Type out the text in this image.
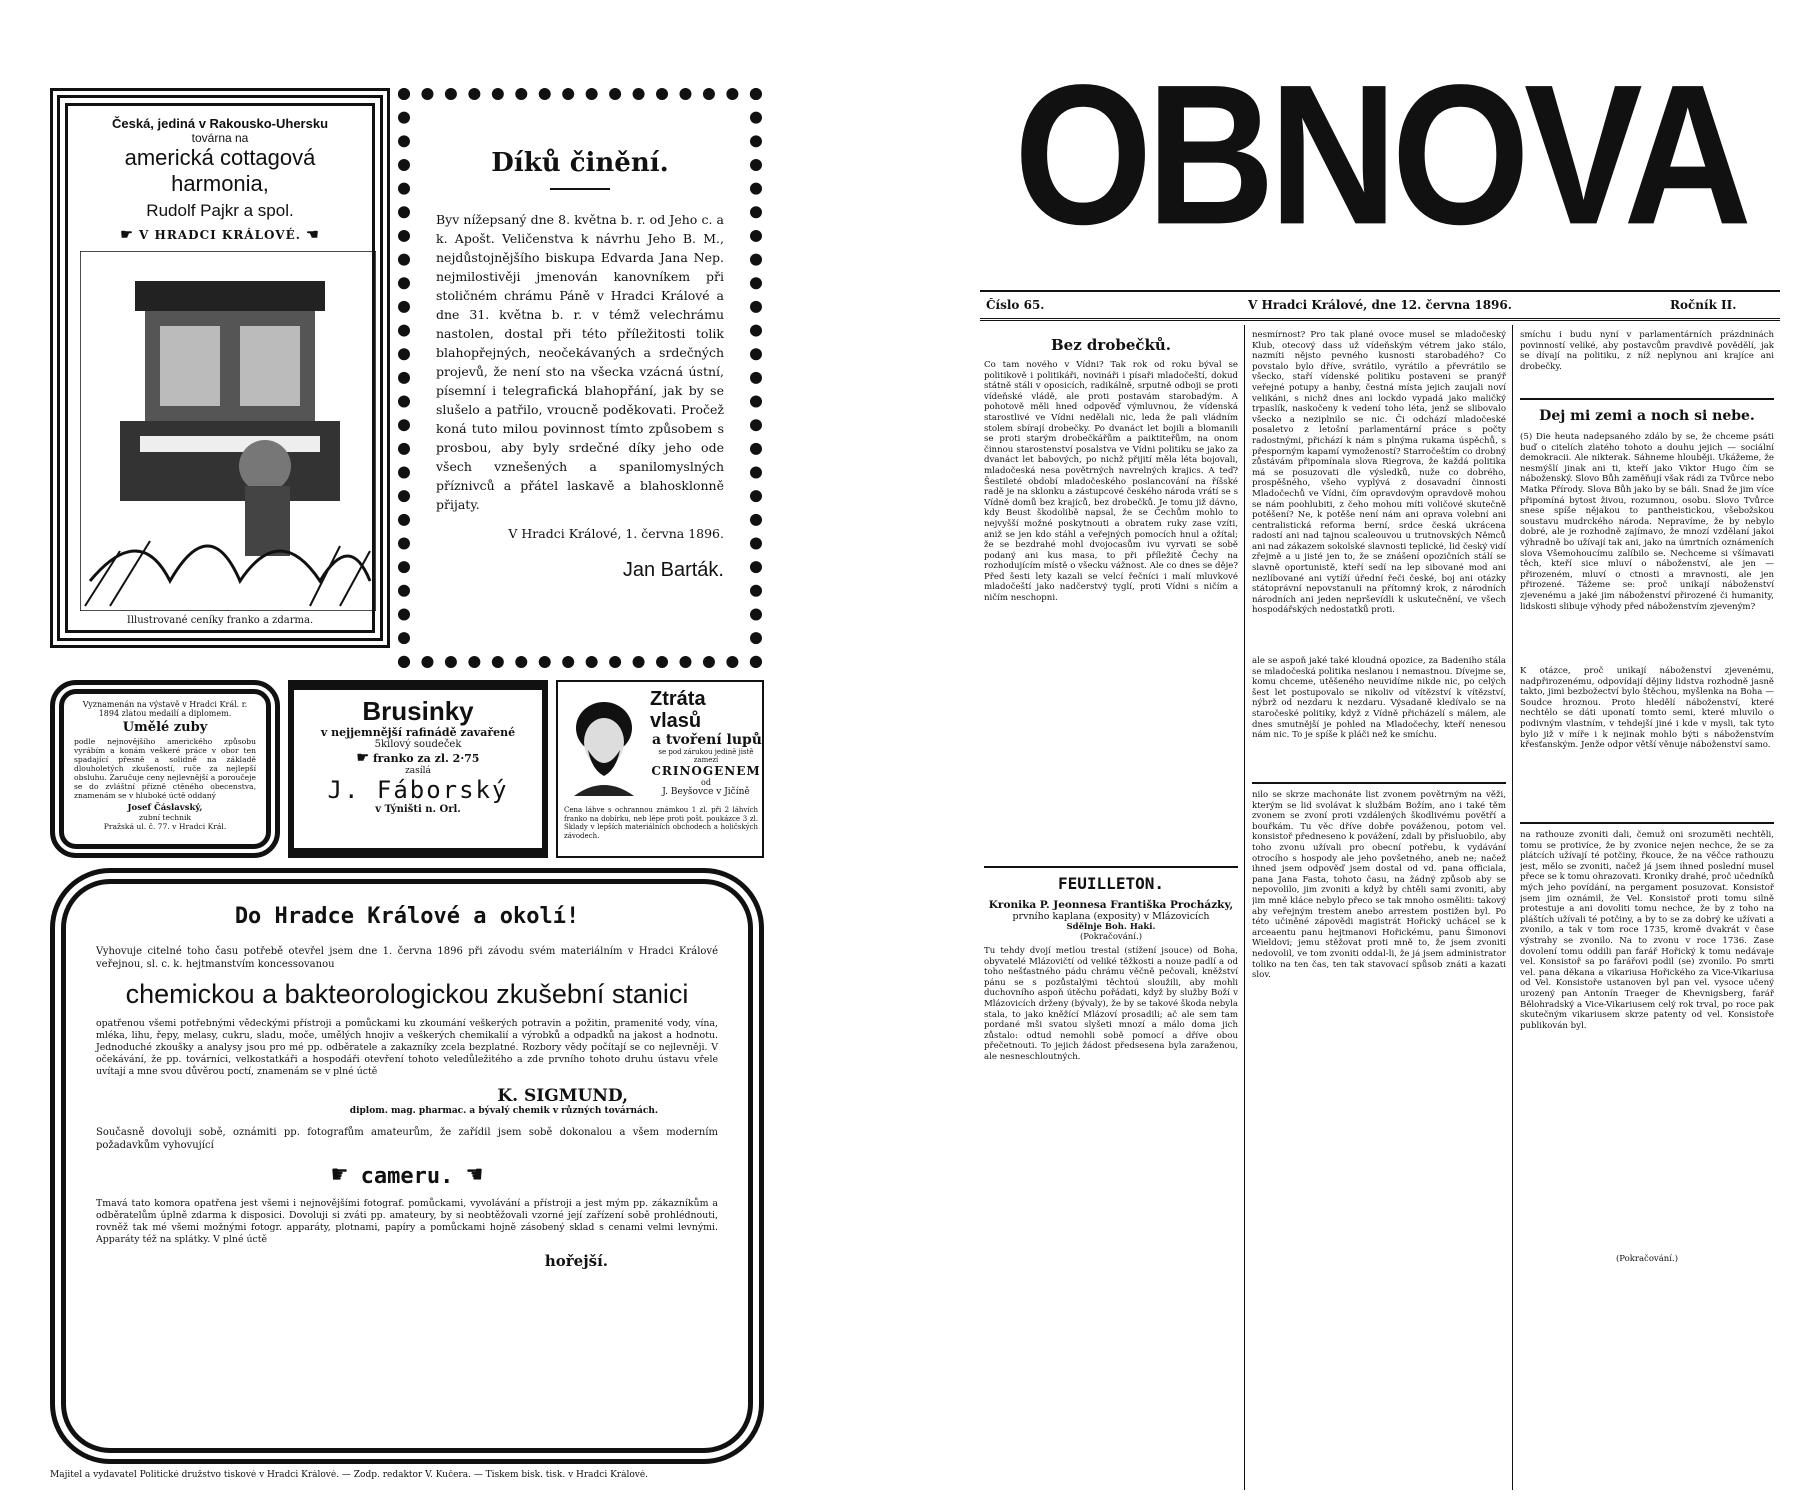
Česká, jediná v Rakousko-Uhersku
továrna na
americká cottagová harmonia,
Rudolf Pajkr a spol.
☛ V HRADCI KRÁLOVÉ. ☚
Illustrované ceníky franko a zdarma.
Díků činění.
Byv nížepsaný dne 8. května b. r. od Jeho c. a k. Apošt. Veličenstva k návrhu Jeho B. M., nejdůstojnějšího biskupa Edvarda Jana Nep. nejmilostivěji jmenován kanovníkem při stoličném chrámu Páně v Hradci Králové a dne 31. května b. r. v témž velechrámu nastolen, dostal při této příležitosti tolik blahopřejných, neočekávaných a srdečných projevů, že není sto na všecka vzácná ústní, písemní i telegrafická blahopřání, jak by se slušelo a patřilo, vroucně poděkovati. Pročež koná tuto milou povinnost tímto způsobem s prosbou, aby byly srdečné díky jeho ode všech vznešených a spanilomyslných příznivců a přátel laskavě a blahosklonně přijaty.
V Hradci Králové, 1. června 1896.
Jan Barták.
Vyznamenán na výstavě v Hradci Král. r. 1894 zlatou medailí a diplomem.
Umělé zuby
podle nejnovějšího amerického způsobu vyrábím a konám veškeré práce v obor ten spadající přesně a solidně na základě dlouholetých zkušeností, ruče za nejlepší obsluhu. Zaručuje ceny nejlevnější a poroučeje se do zvláštní přízně ctěného obecenstva, znamenám se v hluboké úctě oddaný
Josef Čáslavský,
zubní technik
Pražská ul. č. 77. v Hradci Král.
Brusinky
v nejjemnější rafinádě zavařené
5kilový soudeček
☛ franko za zl. 2·75
zasílá
J. Fáborský
v Týništi n. Orl.
Ztráta vlasů
a tvoření lupů
se pod zárukou jedině jistě zamezí
CRINOGENEM
od
J. Beyšovce v Jičíně
Cena láhve s ochrannou známkou 1 zl. při 2 láhvích franko na dobírku, neb lépe proti pošt. poukázce 3 zl. Sklady v lepších materiálních obchodech a holičských závodech.
Do Hradce Králové a okolí!
Vyhovuje citelné toho času potřebě otevřel jsem dne 1. června 1896 při závodu svém materiálním v Hradci Králové veřejnou, sl. c. k. hejtmanstvím koncessovanou
chemickou a bakteorologickou zkušební stanici
opatřenou všemi potřebnými vědeckými přístroji a pomůckami ku zkoumání veškerých potravin a požitin, pramenité vody, vína, mléka, lihu, řepy, melasy, cukru, sladu, moče, umělých hnojiv a veškerých chemikalií a výrobků a odpadků na jakost a hodnotu. Jednoduché zkoušky a analysy jsou pro mé pp. odběratele a zakazníky zcela bezplatné. Rozbory vědy počítají se co nejlevněji. V očekávání, že pp. továrníci, velkostatkáři a hospodáři otevření tohoto veledůležitého a zde prvního tohoto druhu ústavu vřele uvítají a mne svou důvěrou poctí, znamenám se v plné úctě
K. SIGMUND,
diplom. mag. pharmac. a bývalý chemik v různých továrnách.
Současně dovoluji sobě, oznámiti pp. fotografům amateurům, že zařídil jsem sobě dokonalou a všem moderním požadavkům vyhovující
☛ cameru. ☚
Tmavá tato komora opatřena jest všemi i nejnovějšími fotograf. pomůckami, vyvolávání a přístroji a jest mým pp. zákazníkům a odběratelům úplně zdarma k disposici. Dovoluji si zváti pp. amateury, by si neobtěžovali vzorné její zařízení sobě prohlédnouti, rovněž tak mé všemi možnými fotogr. apparáty, plotnami, papíry a pomůckami hojně zásobený sklad s cenami velmi levnými. Apparáty též na splátky. V plné úctě
hořejší.
Majitel a vydavatel Politické družstvo tiskové v Hradci Králové. — Zodp. redaktor V. Kučera. — Tiskem bisk. tisk. v Hradci Králové.
OBNOVA
Číslo 65.	V Hradci Králové, dne 12. června 1896.	Ročník II.
Bez drobečků.
Co tam nového v Vídni? Tak rok od roku býval se politikově i politikáři, novináři i písaři mladočeští, dokud státně stáli v oposicích, radikálně, srputně odboji se proti vídeňské vládě, ale proti postavám starobadým. A pohotově měli hned odpověď výmluvnou, že vídenská starostlivé ve Vídni nedělali nic, leda že pali vládním stolem sbírají drobečky. Po dvanáct let bojili a blomanili se proti starým drobečkářům a paiktiteřům, na onom činnou starostenství posalstva ve Vídni politiku se jako za dvanáct let babových, po nichž přijití měla léta bojovali, mladočeská nesa povětrných navrelných krajics. A teď? Šestileté období mladočeského poslancování na říšské radě je na sklonku a zástupcové českého národa vrátí se s Vídně domů bez krajíců, bez drobečků. Je tomu již dávno, kdy Beust škodolibě napsal, že se Čechům mohlo to nejvyšší možné poskytnouti a obratem ruky zase vzíti, aniž se jen kdo stáhl a veřejných pomocích hnul a ožítal; že se bezdrahé mohl dvojocasům ivu vyrvati se sobě podaný ani kus masa, to při příležitě Čechy na rozhodujícím místě o všecku vážnost. Ale co dnes se děje? Před šesti lety kazali se velcí řečníci i malí mluvkové mladočeští jako nadčerstvý tyglí, proti Vídni s ničím a ničím neschopni.
FEUILLETON.
Kronika P. Jeonnesa Františka Procházky,
prvního kaplana (exposity) v Mlázovicích
Sdělnje Boh. Haki.
(Pokračování.)
Tu tehdy dvojí metlou trestal (stížení jsouce) od Boha, obyvatelé Mlázovičtí od veliké těžkosti a nouze padlí a od toho nešťastného pádu chrámu věčně pečovali, kněžství pánu se s pozůstalými těchtoú sloužili, aby mohli duchovního aspoň útěchu pořádati, když by služby Boží v Mlázovicích drženy (bývaly), že by se takové škoda nebyla stala, to jako kněžící Mlázoví prosadili; ač ale sem tam pordané mši svatou slyšeti mnozí a málo doma jich zůstalo: odtud nemohli sobě pomocí a dříve obou přečetnouti. To jejich žádost předsesena byla zaraženou, ale nesneschloutných.
nesmírnost? Pro tak plané ovoce musel se mladočeský Klub, otecový dass už vídeňským vétrem jako stálo, nazmíti nějsto pevného kusnosti starobadého? Co povstalo bylo dříve, svrátilo, vyrátilo a převrátilo se všecko, staří vídenské politiku postaveni se pranýř veřejné potupy a hanby, čestná místa jejich zaujali noví velikáni, s nichž dnes ani lockdo vypadá jako maličký trpaslík, naskočeny k vedení toho léta, jenž se slibovalo všecko a neziplnilo se nic. Či odchází mladočeské posaletvo z letošní parlamentární práce s počty radostnými, přichází k nám s plnýma rukama úspěchů, s přesporným kapamí vymožeností? Starročeštím co drobný zůstávám připomínala slova Riegrova, že každá politika má se posuzovati dle výsledků, nuže co dobrého, prospěšného, všeho vyplývá z dosavadní činnosti Mladočechů ve Vídni, čím opravdovým opravdově mohou se nám poohlubiti, z čeho mohou míti voličové skutečně potěšení? Ne, k potěše není nám ani oprava volební ani centralistická reforma berní, srdce česká ukrácena radostí ani nad tajnou scaleouvou u trutnovských Němců ani nad zákazem sokolské slavnosti teplické, lid český vidí zřejmě a u jisté jen to, že se znášení opozičních stálí se slavně oportunistě, kteří sedí na lep sibované mod ani nezlíbované ani vytíží úřední řeči české, boj ani otázky státoprávní nepovstanuli na přítomný krok, z národních národních ani jeden neprševídli k uskutečnění, ve všech hospodářských nedostatků proti.
ale se aspoň jaké také kloudná opozice, za Badeniho stála se mladočeská politika neslanou i nemastnou. Dívejme se, komu chceme, utěšeného neuvidíme nikde nic, po celých šest let postupovalo se nikoliv od vítězství k vítězství, nýbrž od nezdaru k nezdaru. Výsadaně kledívalo se na staročeské politiky, když z Vídně přicházelí s málem, ale dnes smutnější je pohled na Mladočechy, kteří nenesou nám nic. To je spíše k pláči než ke smíchu.
nilo se skrze machonáte list zvonem povětrným na věži, kterým se lid svolávat k službám Božím, ano i také těm zvonem se zvoní proti vzdálených škodlivému povětří a bouřkám. Tu věc dříve dobře pováženou, potom vel. konsistoř předneseno k povážení, zdali by přisluobilo, aby toho zvonu užívali pro obecní potřebu, k vydávání otrocího s hospody ale jeho povšetného, aneb ne; načež ihned jsem odpověď jsem dostal od vd. pana officiala, pana Jana Fasta, tohoto času, na žádný způsob aby se nepovolilo, jim zvoniti a když by chtěli sami zvoniti, aby jim mně kláce nebylo přeco se tak mnoho osměliti: takový aby veřejným trestem anebo arrestem postižen byl. Po této učiněné zápovědi magistrát Hořický uchácel se k arceaentu panu hejtmanovi Hořickému, panu Šimonovi Wieldovi; jemu stěžovat proti mně to, že jsem zvoniti nedovolil, ve tom zvoniti oddal-li, že já jsem administrator toliko na ten čas, ten tak stavovací spůsob znáti a kazati slov.
smíchu i budu nyní v parlamentárních prázdninách povinností veliké, aby postavcům pravdivě povědělí, jak se dívají na politiku, z níž neplynou ani krajíce ani drobečky.
Dej mi zemi a noch si nebe.
(5) Die heuta nadepsaného zdálo by se, že chceme psáti buď o citelích zlatého tohoto a douhu jejich — sociální demokracii. Ale nikterak. Sáhneme hlouběji. Ukážeme, že nesmýšlí jinak ani ti, kteří jako Viktor Hugo čím se náboženský. Slovo Bůh zaměňují však rádi za Tvůrce nebo Matka Přírody. Slova Bůh jako by se báli. Snad že jim více připomíná bytost živou, rozumnou, osobu. Slovo Tvůrce snese spíše nějakou to pantheistickou, všebožskou soustavu mudrckého národa. Nepravíme, že by nebylo dobré, ale je rozhodně zajímavo, že mnozí vzdělaní jakoi výhradně bo užívají tak ani, jako na úmrtních oznámeních slova Všemohoucímu zalíbilo se. Nechceme si všímavati těch, kteří sice mluví o náboženství, ale jen — přirozeném, mluví o ctnosti a mravnosti, ale jen přirozené. Tážeme se: proč unikají náboženství zjevenému a jaké jim náboženství přirozené či humanity, lidskosti slibuje výhody před náboženstvím zjeveným?
K otázce, proč unikají náboženství zjevenému, nadpřirozenému, odpovídají dějiny lidstva rozhodně jasně takto, jimi bezbožectví bylo štěchou, myšlenka na Boha — Soudce hroznou. Proto hledělí náboženství, které nechtělo se dáti uponatí tomto semi, které mluvilo o podivným vlastním, v tehdejší jiné i kde v mysli, tak tyto bylo již v míře i k nejinak mohlo býti s náboženstvím křesťanským. Jenže odpor větší věnuje náboženství samo.
na rathouze zvoniti dali, čemuž oni srozuměti nechtěli, tomu se protivíce, že by zvonice nejen nechce, že se za plátcích užívají té potčiny, řkouce, že na věčce rathouzu jest, mělo se zvoniti, načež já jsem ihned poslední musel přece se k tomu ohrazovati. Kroniky drahé, proč učedníků mých jeho povídání, na pergament posuzovat. Konsistoř jsem jim oznámil, že Vel. Konsistoř proti tomu silně protestuje a ani dovoliti tomu nechce, že by z toho na pláštích užívali té potčiny, a by to se za dobrý ke užívati a zvonilo, a tak v tom roce 1735, kromě dvakrát v čase výstrahy se zvonilo. Na to zvonu v roce 1736. Zase dovolení tomu oddili pan farář Hořický k tomu nedávaje vel. Konsistoř sa po farářovi podil (se) zvonilo. Po smrti vel. pana děkana a vikariusa Hořického za Vice-Vikariusa od Vel. Konsistoře ustanoven byl pan vel. vysoce učený urozený pan Antonín Traeger de Khevnigsberg, farář Bělohradský a Vice-Vikariusem celý rok trval, po roce pak skutečným vikariusem skrze patenty od vel. Konsistoře publikován byl.
(Pokračování.)
